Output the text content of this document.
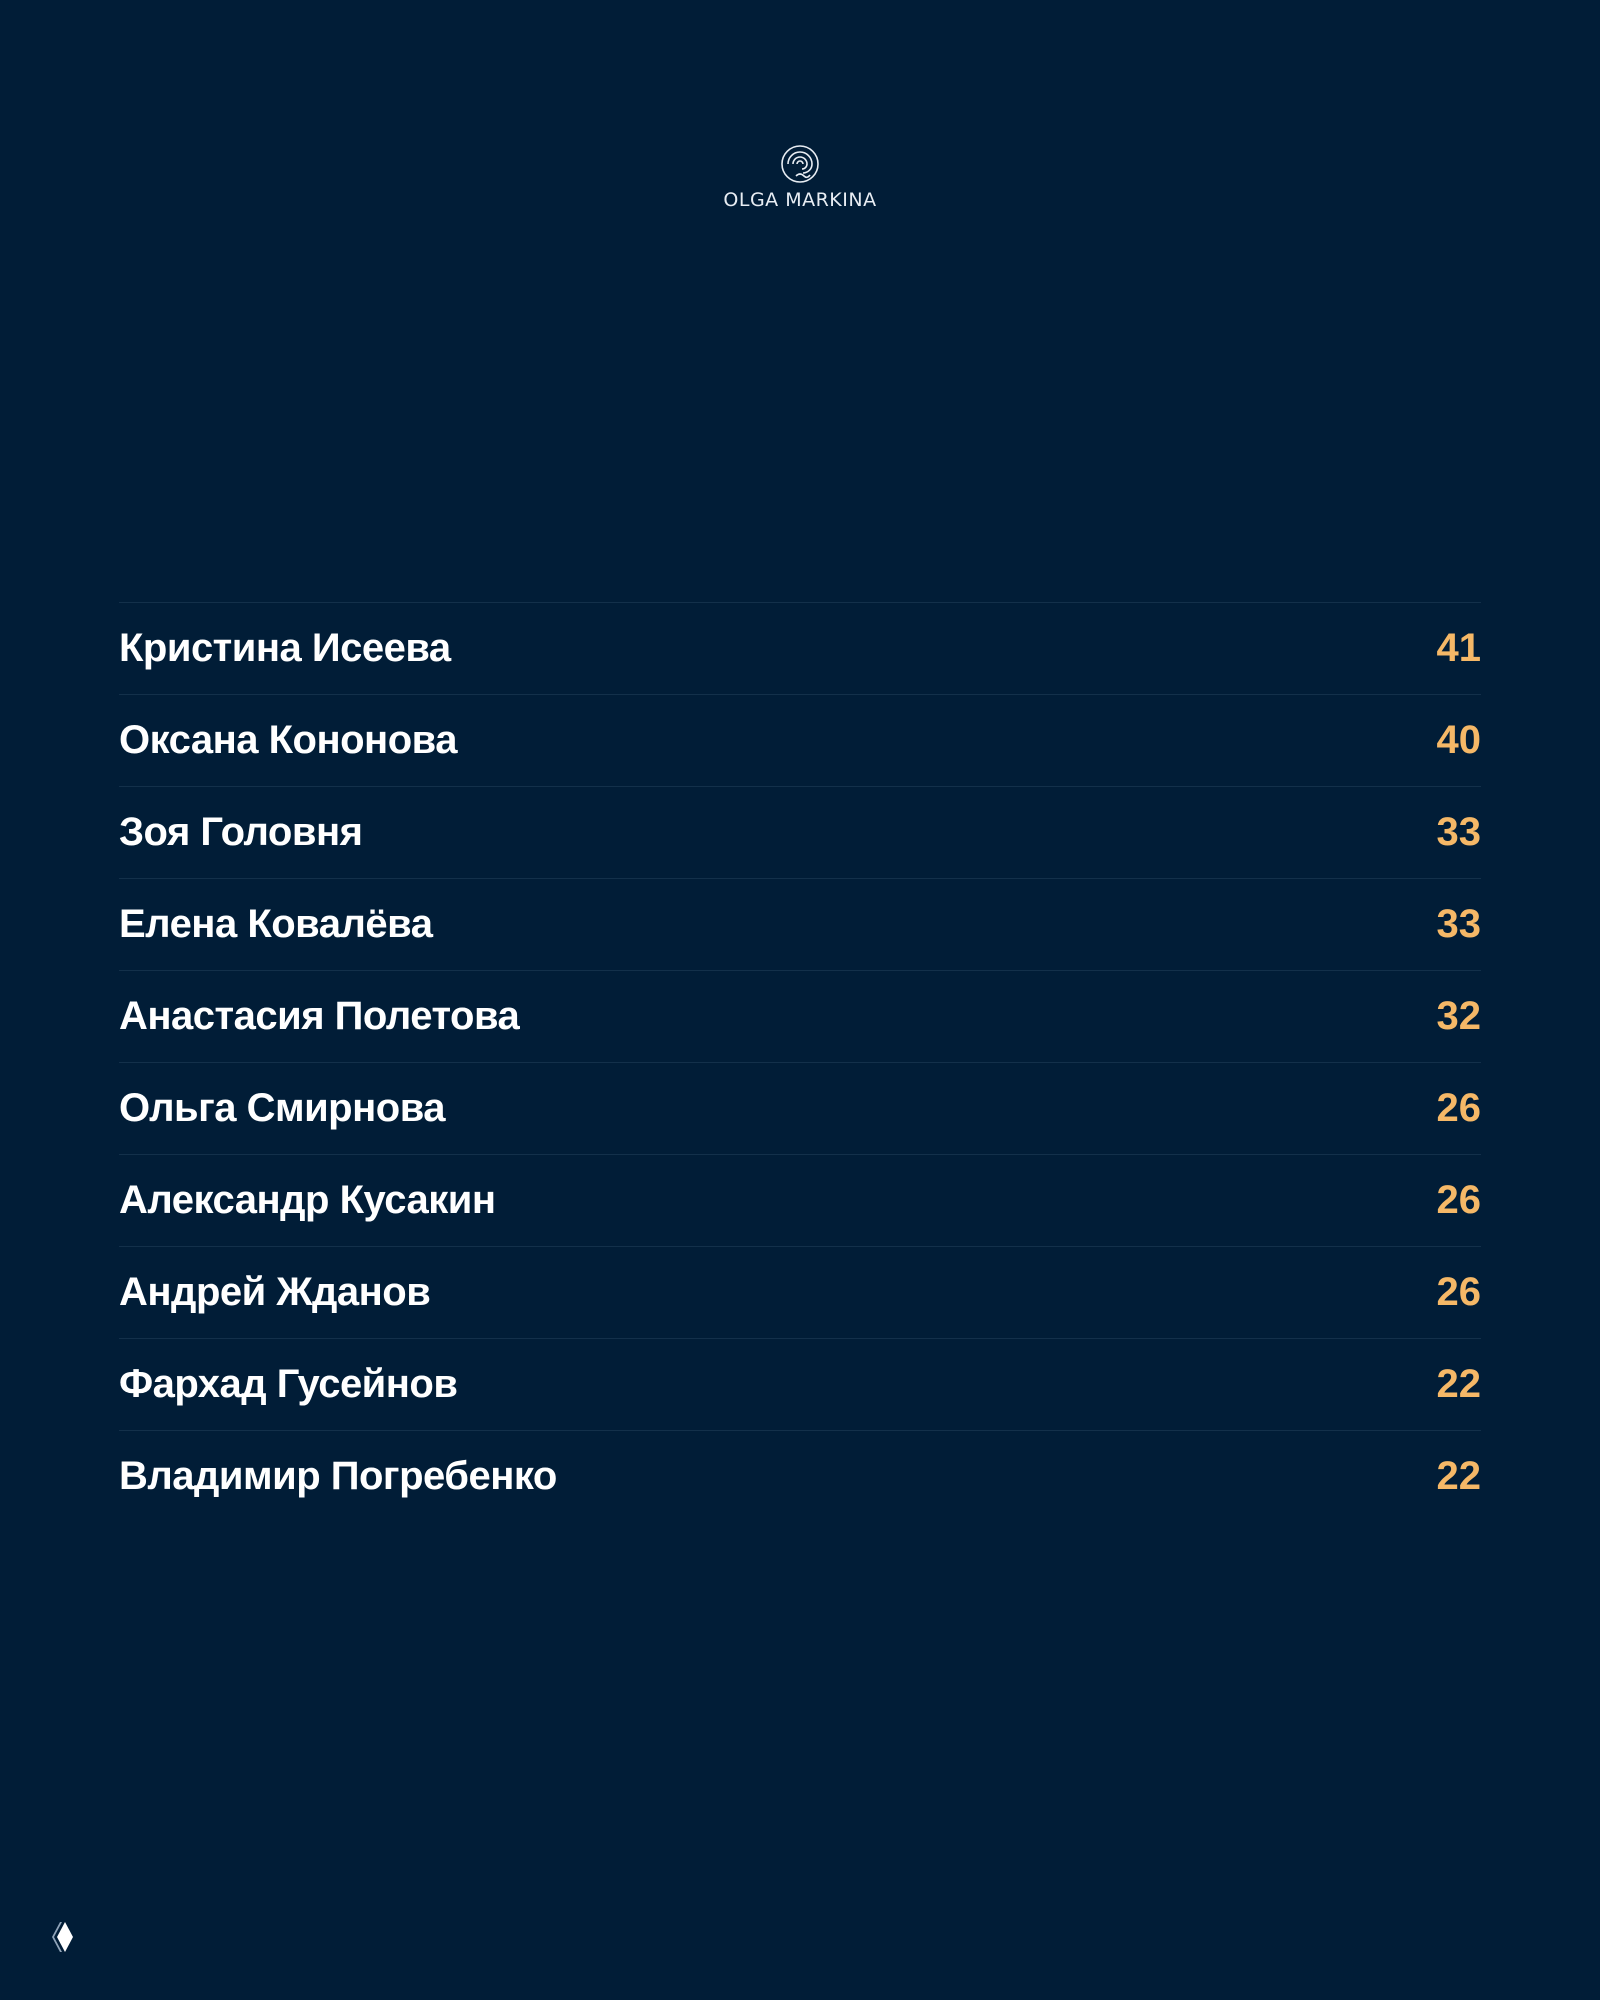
OLGA MARKINA
Кристина Исеева	41
Оксана Кононова	40
Зоя Головня	33
Елена Ковалёва	33
Анастасия Полетова	32
Ольга Смирнова	26
Александр Кусакин	26
Андрей Жданов	26
Фархад Гусейнов	22
Владимир Погребенко	22
